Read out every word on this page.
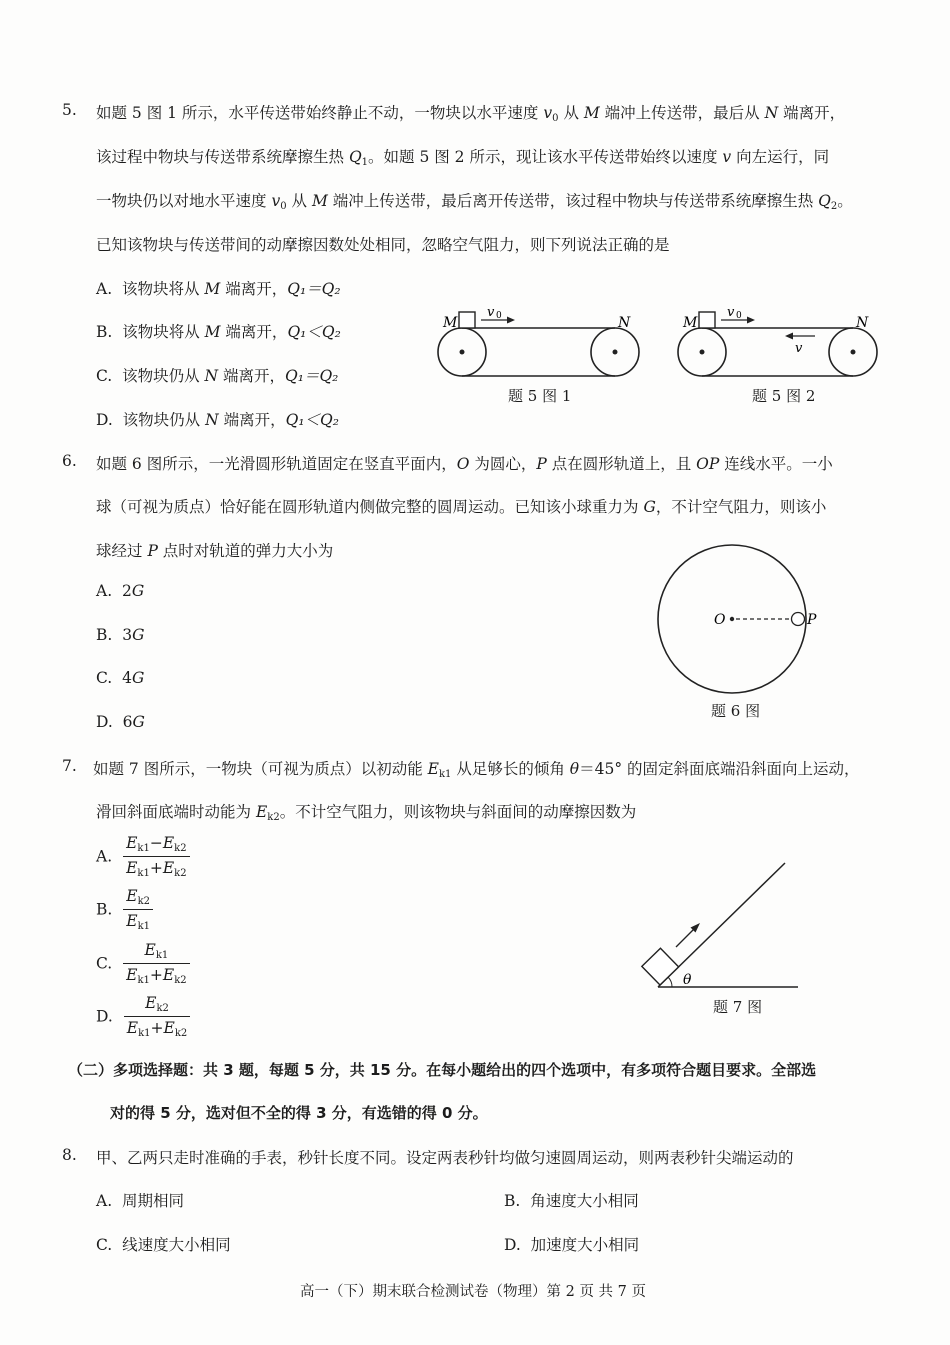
5. 如题 5 图 1 所示，水平传送带始终静止不动，一物块以水平速度 $v_0$ 从 M 端冲上传送带，最后从 N 端离开，
该过程中物块与传送带系统摩擦生热 $Q_1$。如题 5 图 2 所示，现让该水平传送带始终以速度 v 向左运行，同
一物块仍以对地水平速度 $v_0$ 从 M 端冲上传送带，最后离开传送带，该过程中物块与传送带系统摩擦生热 $Q_2$。
已知该物块与传送带间的动摩擦因数处处相同，忽略空气阻力，则下列说法正确的是
A. 该物块将从 M 端离开，Q₁＝Q₂
B. 该物块将从 M 端离开，Q₁＜Q₂
C. 该物块仍从 N 端离开，Q₁＝Q₂
D. 该物块仍从 N 端离开，Q₁＜Q₂
M	N
v 0
题 5 图 1
M	N
v 0
v
题 5 图 2
6. 如题 6 图所示，一光滑圆形轨道固定在竖直平面内，O 为圆心，P 点在圆形轨道上，且 OP 连线水平。一小
球（可视为质点）恰好能在圆形轨道内侧做完整的圆周运动。已知该小球重力为 G，不计空气阻力，则该小
球经过 P 点时对轨道的弹力大小为
A. 2G
B. 3G
C. 4G
D. 6G
O	P
题 6 图
7. 如题 7 图所示，一物块（可视为质点）以初动能 $E_{k1}$ 从足够长的倾角 θ＝45° 的固定斜面底端沿斜面向上运动，
滑回斜面底端时动能为 $E_{k2}$。不计空气阻力，则该物块与斜面间的动摩擦因数为
A. $\frac{E_{k1}-E_{k2}}{E_{k1}+E_{k2}}$
B. $\frac{E_{k2}}{E_{k1}}$
C. $\frac{E_{k1}}{E_{k1}+E_{k2}}$
D. $\frac{E_{k2}}{E_{k1}+E_{k2}}$
θ
题 7 图
（二）多项选择题：共 3 题，每题 5 分，共 15 分。在每小题给出的四个选项中，有多项符合题目要求。全部选
对的得 5 分，选对但不全的得 3 分，有选错的得 0 分。
8. 甲、乙两只走时准确的手表，秒针长度不同。设定两表秒针均做匀速圆周运动，则两表秒针尖端运动的
A. 周期相同	B. 角速度大小相同
C. 线速度大小相同	D. 加速度大小相同
高一（下）期末联合检测试卷（物理）第 2 页 共 7 页
